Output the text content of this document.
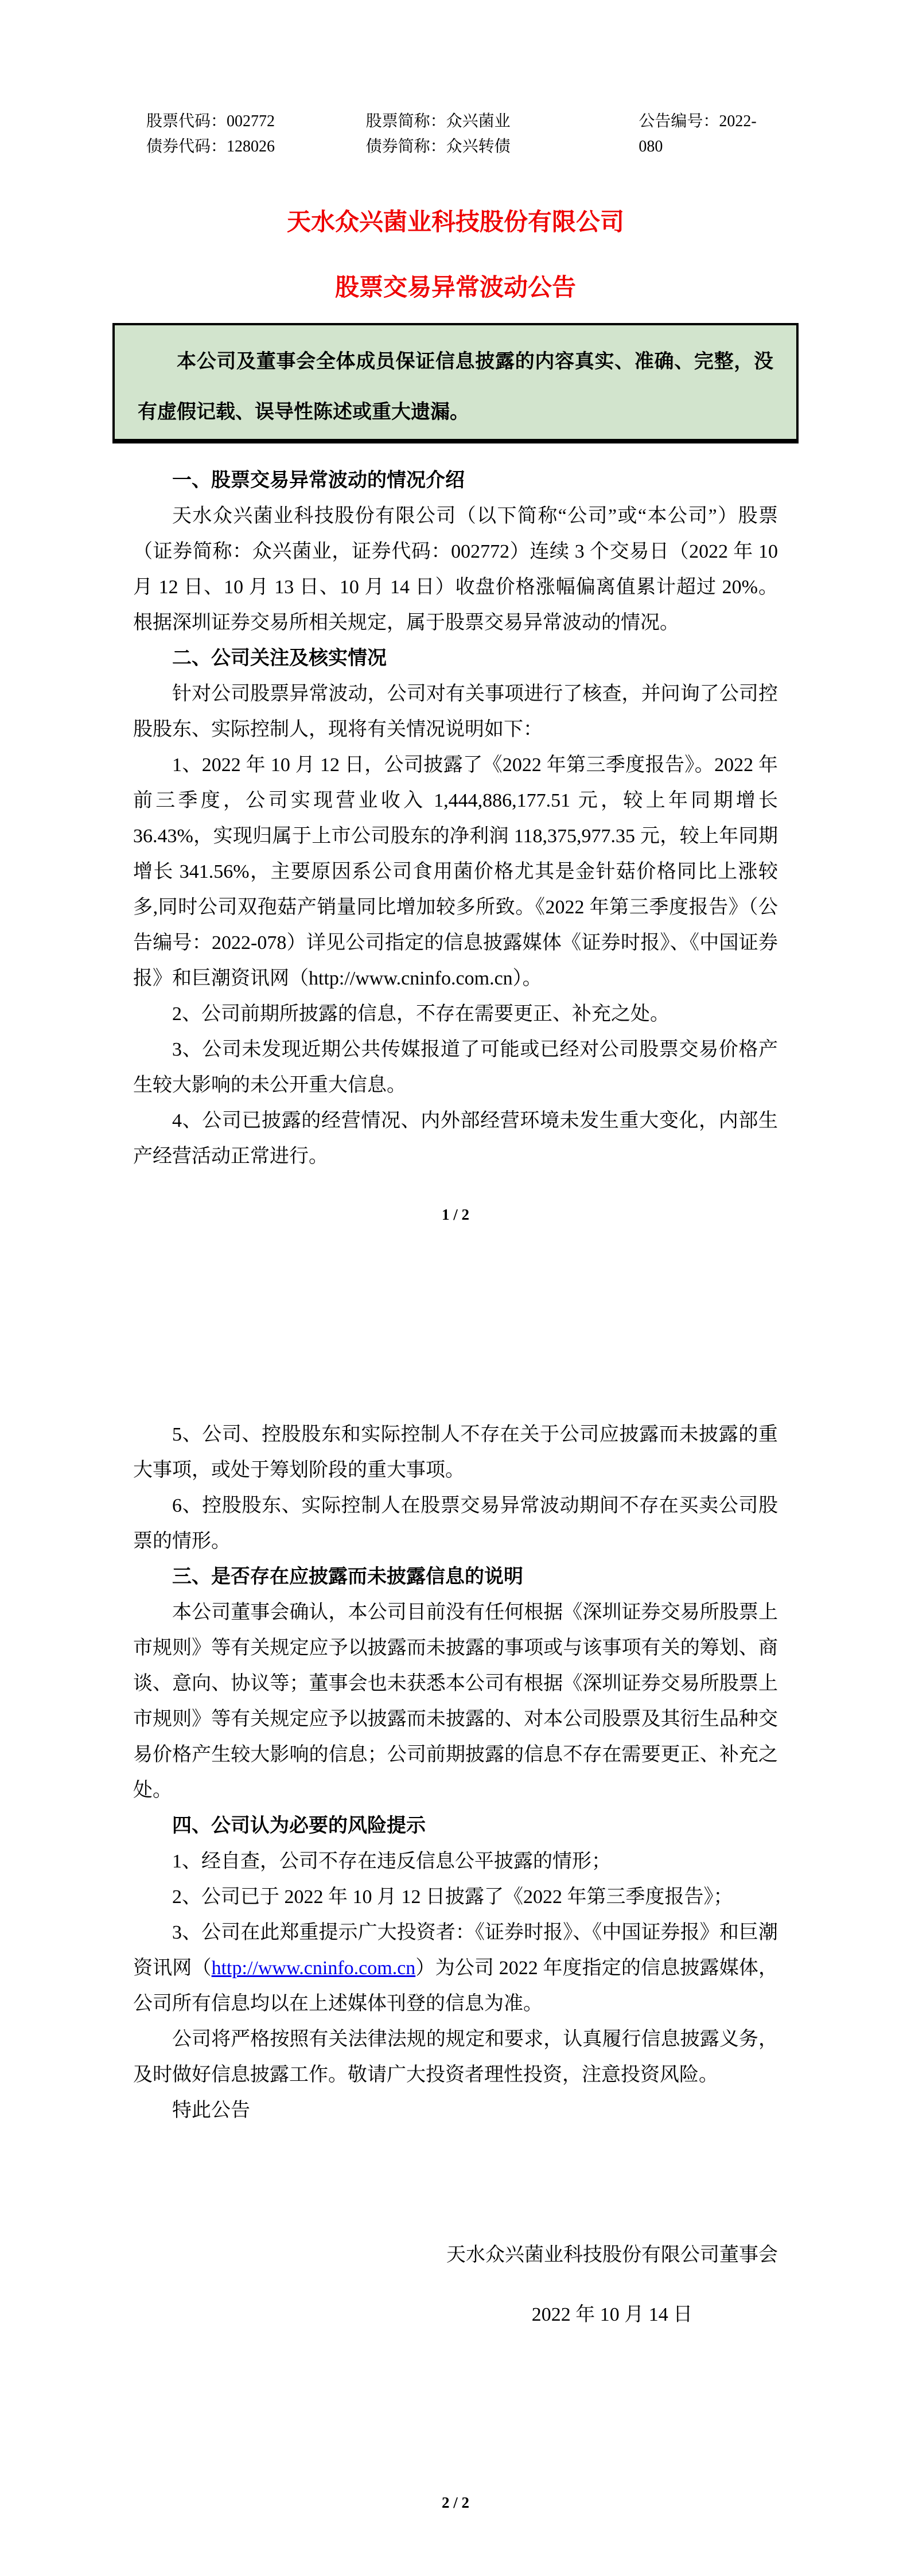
股票代码：002772
债券代码：128026
股票简称：众兴菌业
债券简称：众兴转债
公告编号：2022-080
天水众兴菌业科技股份有限公司
股票交易异常波动公告

本公司及董事会全体成员保证信息披露的内容真实、准确、完整，没有虚假记载、误导性陈述或重大遗漏。

一、股票交易异常波动的情况介绍

天水众兴菌业科技股份有限公司（以下简称“公司”或“本公司”）股票（证券简称：众兴菌业，证券代码：002772）连续 3 个交易日（2022 年 10 月 12 日、10 月 13 日、10 月 14 日）收盘价格涨幅偏离值累计超过 20%。根据深圳证券交易所相关规定，属于股票交易异常波动的情况。

二、公司关注及核实情况

针对公司股票异常波动，公司对有关事项进行了核查，并问询了公司控股股东、实际控制人，现将有关情况说明如下：

1、2022 年 10 月 12 日，公司披露了《2022 年第三季度报告》。2022 年前三季度，公司实现营业收入 1,444,886,177.51 元，较上年同期增长 36.43%，实现归属于上市公司股东的净利润 118,375,977.35 元，较上年同期增长 341.56%，主要原因系公司食用菌价格尤其是金针菇价格同比上涨较多,同时公司双孢菇产销量同比增加较多所致。《2022 年第三季度报告》（公告编号：2022-078）详见公司指定的信息披露媒体《证券时报》、《中国证券报》和巨潮资讯网（http://www.cninfo.com.cn）。

2、公司前期所披露的信息，不存在需要更正、补充之处。

3、公司未发现近期公共传媒报道了可能或已经对公司股票交易价格产生较大影响的未公开重大信息。

4、公司已披露的经营情况、内外部经营环境未发生重大变化，内部生产经营活动正常进行。

1 / 2

5、公司、控股股东和实际控制人不存在关于公司应披露而未披露的重大事项，或处于筹划阶段的重大事项。

6、控股股东、实际控制人在股票交易异常波动期间不存在买卖公司股票的情形。

三、是否存在应披露而未披露信息的说明

本公司董事会确认，本公司目前没有任何根据《深圳证券交易所股票上市规则》等有关规定应予以披露而未披露的事项或与该事项有关的筹划、商谈、意向、协议等；董事会也未获悉本公司有根据《深圳证券交易所股票上市规则》等有关规定应予以披露而未披露的、对本公司股票及其衍生品种交易价格产生较大影响的信息；公司前期披露的信息不存在需要更正、补充之处。

四、公司认为必要的风险提示

1、经自查，公司不存在违反信息公平披露的情形；

2、公司已于 2022 年 10 月 12 日披露了《2022 年第三季度报告》；

3、公司在此郑重提示广大投资者：《证券时报》、《中国证券报》和巨潮资讯网（http://www.cninfo.com.cn）为公司 2022 年度指定的信息披露媒体，公司所有信息均以在上述媒体刊登的信息为准。

公司将严格按照有关法律法规的规定和要求，认真履行信息披露义务，及时做好信息披露工作。敬请广大投资者理性投资，注意投资风险。

特此公告

天水众兴菌业科技股份有限公司董事会
2022 年 10 月 14 日
2 / 2
